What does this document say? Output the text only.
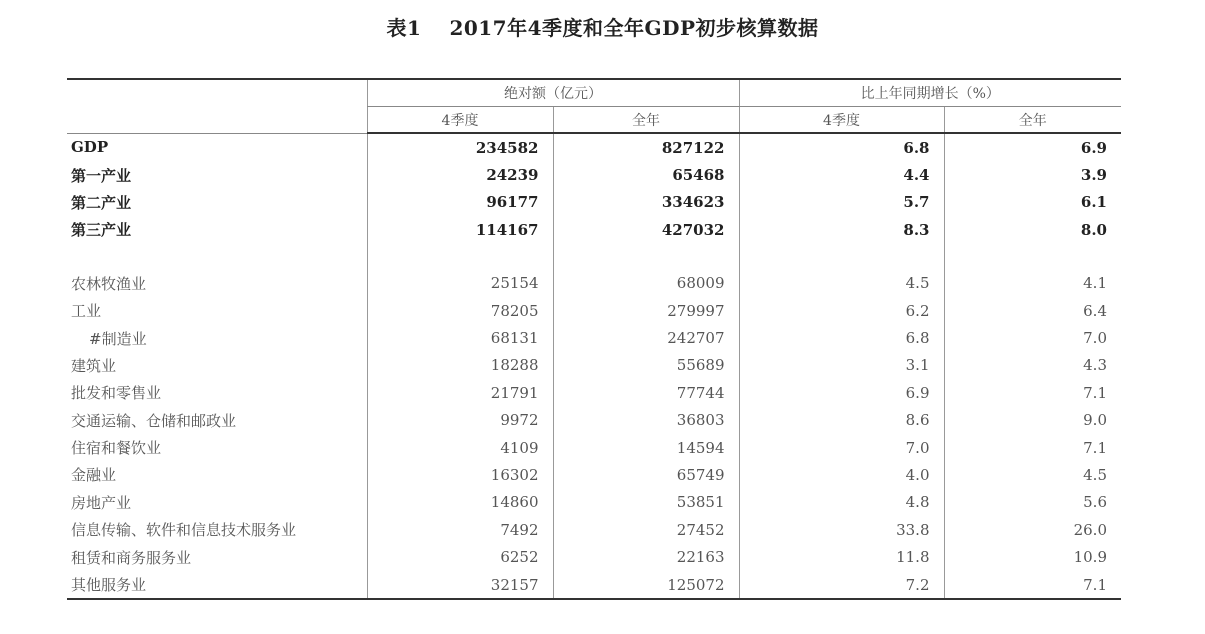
表1 2017年4季度和全年GDP初步核算数据
	绝对额（亿元）		比上年同期增长（%）	
	4季度	全年	4季度	全年
GDP	234582	827122	6.8	6.9
第一产业	24239	65468	4.4	3.9
第二产业	96177	334623	5.7	6.1
第三产业	114167	427032	8.3	8.0

农林牧渔业	25154	68009	4.5	4.1
工业	78205	279997	6.2	6.4
#制造业	68131	242707	6.8	7.0
建筑业	18288	55689	3.1	4.3
批发和零售业	21791	77744	6.9	7.1
交通运输、仓储和邮政业	9972	36803	8.6	9.0
住宿和餐饮业	4109	14594	7.0	7.1
金融业	16302	65749	4.0	4.5
房地产业	14860	53851	4.8	5.6
信息传输、软件和信息技术服务业	7492	27452	33.8	26.0
租赁和商务服务业	6252	22163	11.8	10.9
其他服务业	32157	125072	7.2	7.1
